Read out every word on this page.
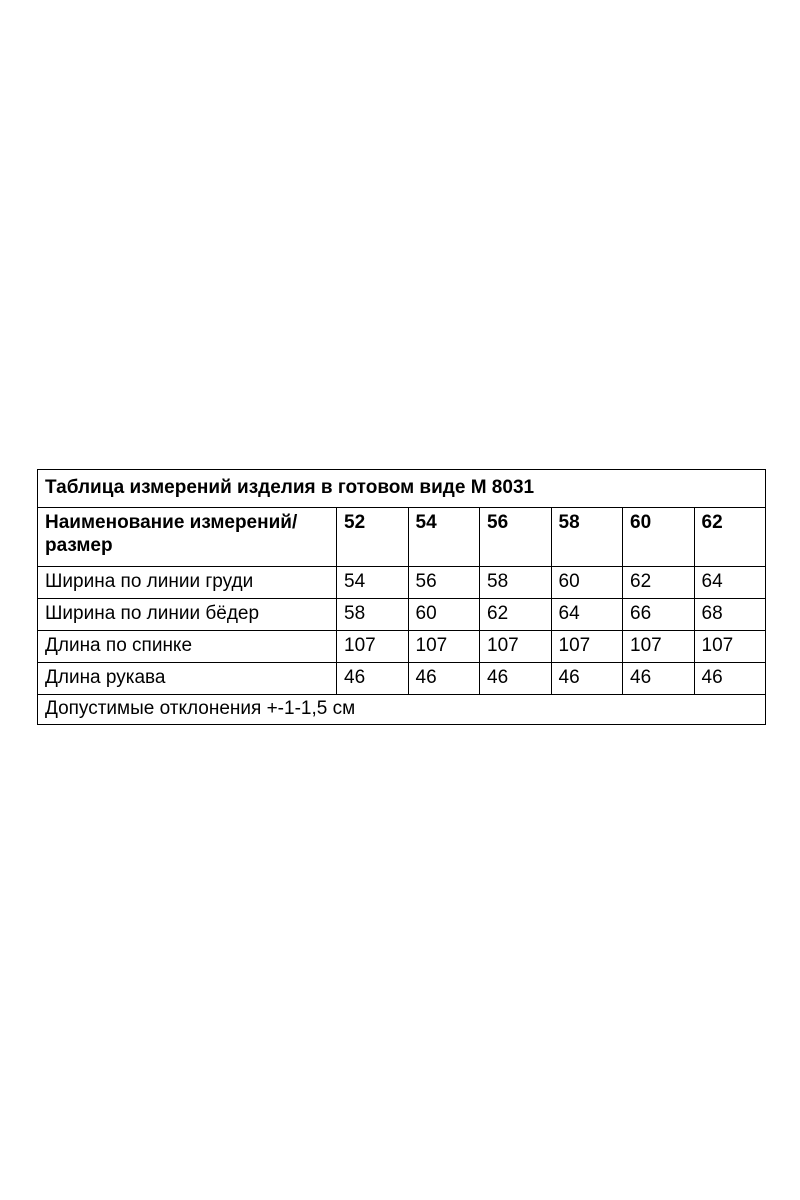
Таблица измерений изделия в готовом виде М 8031						
Наименование измерений/размер	52	54	56	58	60	62
Ширина по линии груди	54	56	58	60	62	64
Ширина по линии бёдер	58	60	62	64	66	68
Длина по спинке	107	107	107	107	107	107
Длина рукава	46	46	46	46	46	46
Допустимые отклонения +-1-1,5 см						
